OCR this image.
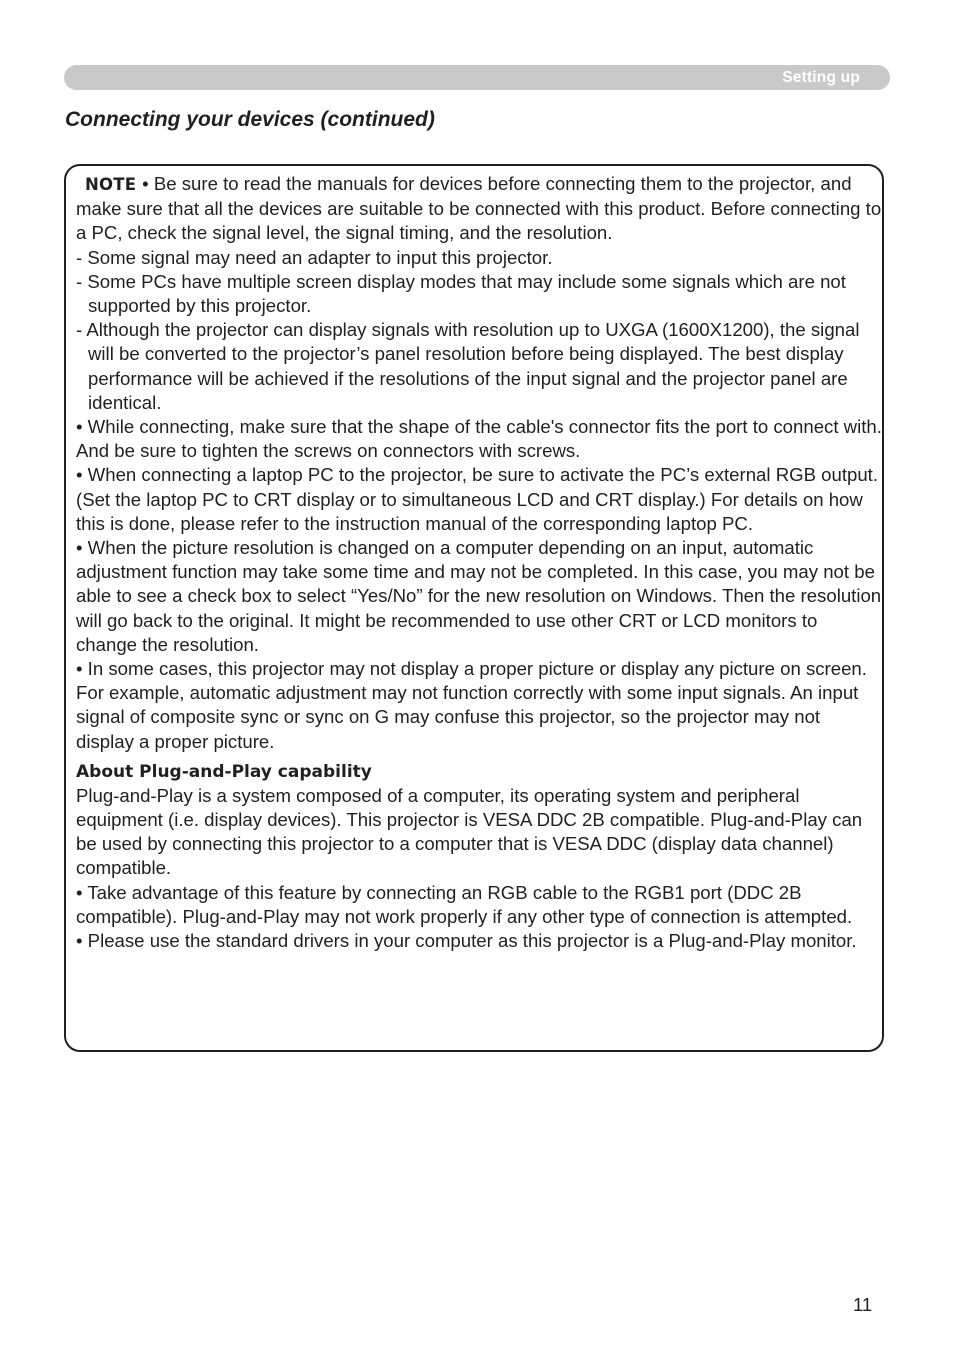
Setting up
Connecting your devices (continued)

NOTE • Be sure to read the manuals for devices before connecting them to the projector, and make sure that all the devices are suitable to be connected with this product. Before connecting to a PC, check the signal level, the signal timing, and the resolution.

- Some signal may need an adapter to input this projector.

- Some PCs have multiple screen display modes that may include some signals which are not supported by this projector.

- Although the projector can display signals with resolution up to UXGA (1600X1200), the signal will be converted to the projector’s panel resolution before being displayed. The best display performance will be achieved if the resolutions of the input signal and the projector panel are identical.

• While connecting, make sure that the shape of the cable's connector fits the port to connect with. And be sure to tighten the screws on connectors with screws.

• When connecting a laptop PC to the projector, be sure to activate the PC’s external RGB output. (Set the laptop PC to CRT display or to simultaneous LCD and CRT display.) For details on how this is done, please refer to the instruction manual of the corresponding laptop PC.

• When the picture resolution is changed on a computer depending on an input, automatic adjustment function may take some time and may not be completed. In this case, you may not be able to see a check box to select “Yes/No” for the new resolution on Windows. Then the resolution will go back to the original. It might be recommended to use other CRT or LCD monitors to change the resolution.

• In some cases, this projector may not display a proper picture or display any picture on screen. For example, automatic adjustment may not function correctly with some input signals. An input signal of composite sync or sync on G may confuse this projector, so the projector may not display a proper picture.

About Plug-and-Play capability

Plug-and-Play is a system composed of a computer, its operating system and peripheral equipment (i.e. display devices). This projector is VESA DDC 2B compatible. Plug-and-Play can be used by connecting this projector to a computer that is VESA DDC (display data channel) compatible.

• Take advantage of this feature by connecting an RGB cable to the RGB1 port (DDC 2B compatible). Plug-and-Play may not work properly if any other type of connection is attempted.

• Please use the standard drivers in your computer as this projector is a Plug-and-Play monitor.

11
